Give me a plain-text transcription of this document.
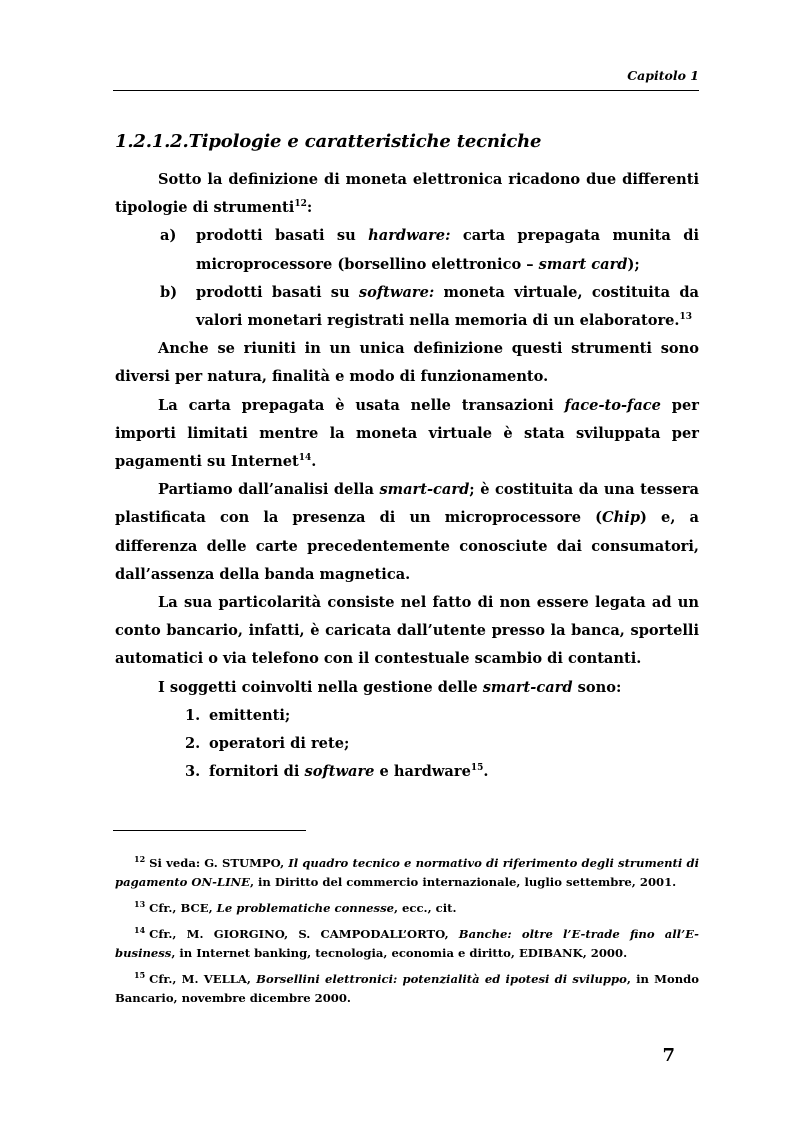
Capitolo 1
1.2.1.2.Tipologie e caratteristiche tecniche

Sotto la definizione di moneta elettronica ricadono due differenti tipologie di strumenti$^{12}$:

a) prodotti basati su hardware: carta prepagata munita di microprocessore (borsellino elettronico – smart card);
b) prodotti basati su software: moneta virtuale, costituita da valori monetari registrati nella memoria di un elaboratore.$^{13}$

Anche se riuniti in un unica definizione questi strumenti sono diversi per natura, finalità e modo di funzionamento.

La carta prepagata è usata nelle transazioni face-to-face per importi limitati mentre la moneta virtuale è stata sviluppata per pagamenti su Internet$^{14}$.

Partiamo dall’analisi della smart-card; è costituita da una tessera plastificata con la presenza di un microprocessore (Chip) e, a differenza delle carte precedentemente conosciute dai consumatori, dall’assenza della banda magnetica.

La sua particolarità consiste nel fatto di non essere legata ad un conto bancario, infatti, è caricata dall’utente presso la banca, sportelli automatici o via telefono con il contestuale scambio di contanti.

I soggetti coinvolti nella gestione delle smart-card sono:

1. emittenti;
2. operatori di rete;
3. fornitori di software e hardware$^{15}$.

$^{12}$ Si veda: G. STUMPO, Il quadro tecnico e normativo di riferimento degli strumenti di pagamento ON-LINE, in Diritto del commercio internazionale, luglio settembre, 2001.

$^{13}$ Cfr., BCE, Le problematiche connesse, ecc., cit.

$^{14}$ Cfr., M. GIORGINO, S. CAMPODALL’ORTO, Banche: oltre l’E-trade fino all’E-business, in Internet banking, tecnologia, economia e diritto, EDIBANK, 2000.

$^{15}$ Cfr., M. VELLA, Borsellini elettronici: potenzialità ed ipotesi di sviluppo, in Mondo Bancario, novembre dicembre 2000.

7
